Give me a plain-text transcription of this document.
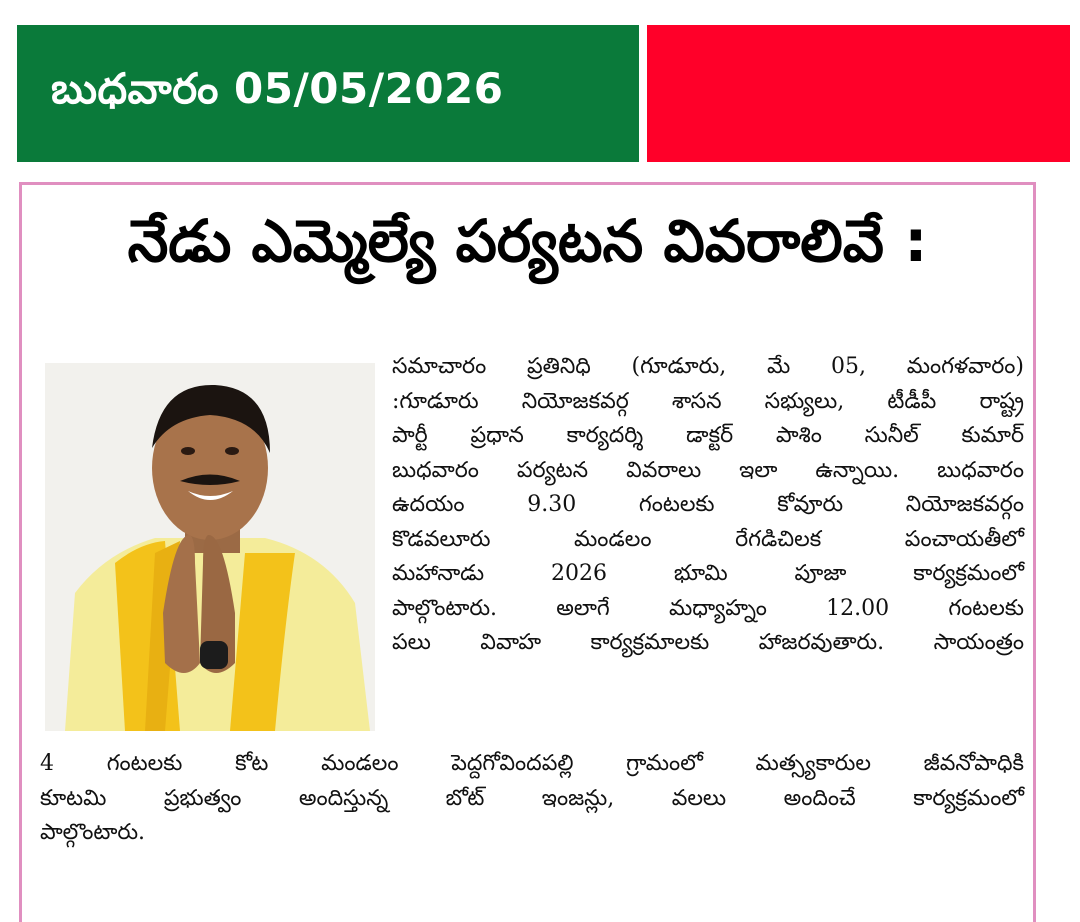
బుధవారం 05/05/2026
నేడు ఎమ్మెల్యే పర్యటన వివరాలివే :
సమాచారం ప్రతినిధి (గూడూరు, మే 05, మంగళవారం)
:గూడూరు నియోజకవర్గ శాసన సభ్యులు, టీడీపీ రాష్ట్ర
పార్టీ ప్రధాన కార్యదర్శి డాక్టర్ పాశిం సునీల్ కుమార్
బుధవారం పర్యటన వివరాలు ఇలా ఉన్నాయి. బుధవారం
ఉదయం 9.30 గంటలకు కోవూరు నియోజకవర్గం
కొడవలూరు మండలం రేగడిచిలక పంచాయతీలో
మహానాడు 2026 భూమి పూజా కార్యక్రమంలో
పాల్గొంటారు. అలాగే మధ్యాహ్నం 12.00 గంటలకు
పలు వివాహ కార్యక్రమాలకు హాజరవుతారు. సాయంత్రం
4 గంటలకు కోట మండలం పెద్దగోవిందపల్లి గ్రామంలో మత్స్యకారుల జీవనోపాధికి
కూటమి ప్రభుత్వం అందిస్తున్న బోట్ ఇంజన్లు, వలలు అందించే కార్యక్రమంలో
పాల్గొంటారు.
